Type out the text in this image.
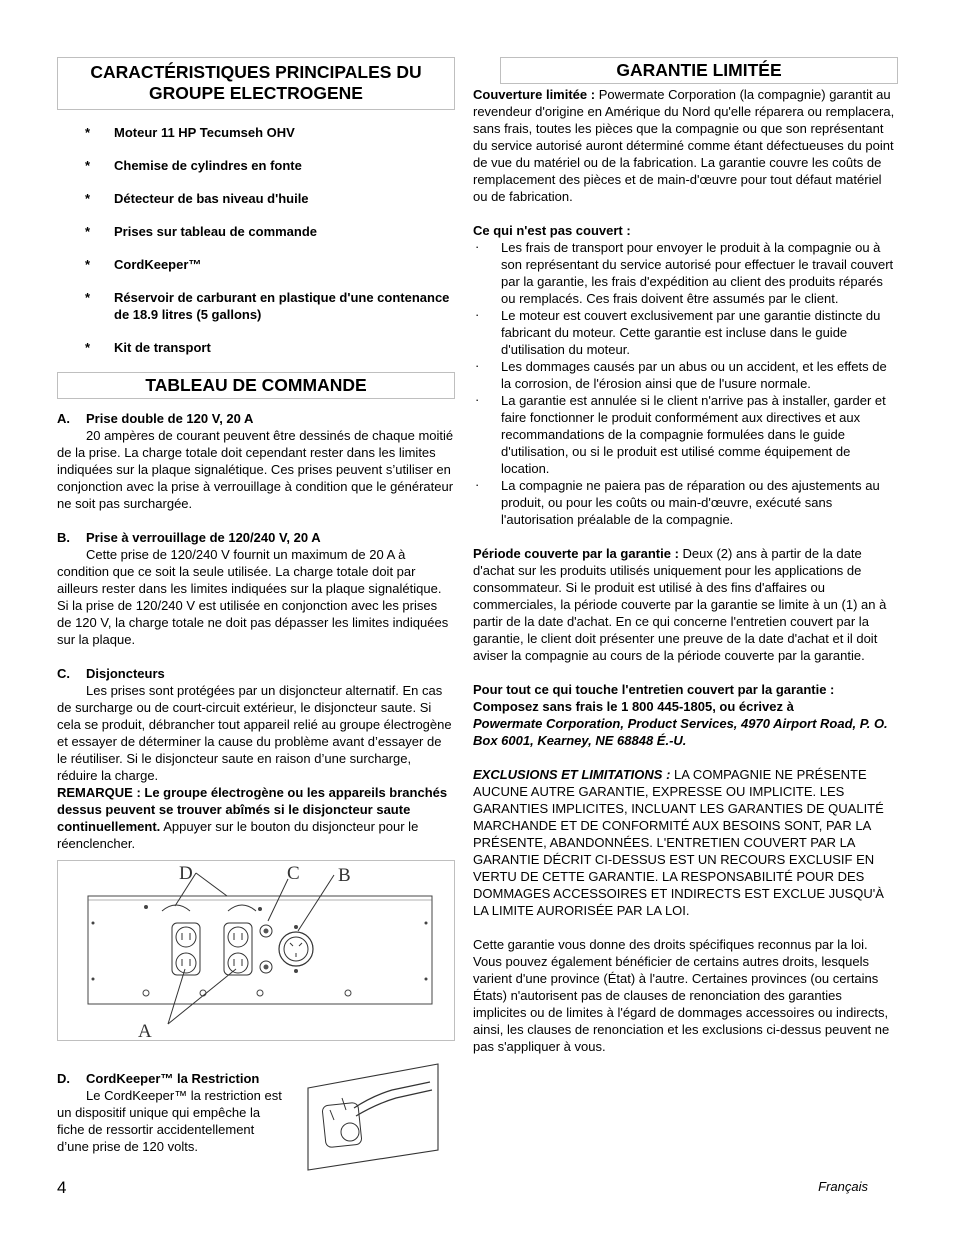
CARACTÉRISTIQUES PRINCIPALES DU
GROUPE ELECTROGENE
* Moteur 11 HP Tecumseh OHV
* Chemise de cylindres en fonte
* Détecteur de bas niveau d'huile
* Prises sur tableau de commande
* CordKeeper™
* Réservoir de carburant en plastique d'une contenance de 18.9 litres (5 gallons)
* Kit de transport
TABLEAU DE COMMANDE

A. Prise double de 120 V, 20 A

20 ampères de courant peuvent être dessinés de chaque moitié de la prise. La charge totale doit cependant rester dans les limites indiquées sur la plaque signalétique. Ces prises peuvent s’utiliser en conjonction avec la prise à verrouillage à condition que le générateur ne soit pas surchargée.

B. Prise à verrouillage de 120/240 V, 20 A

Cette prise de 120/240 V fournit un maximum de 20 A à condition que ce soit la seule utilisée. La charge totale doit par ailleurs rester dans les limites indiquées sur la plaque signalétique. Si la prise de 120/240 V est utilisée en conjonction avec les prises de 120 V, la charge totale ne doit pas dépasser les limites indiquées sur la plaque.

C. Disjoncteurs

Les prises sont protégées par un disjoncteur alternatif. En cas de surcharge ou de court-circuit extérieur, le disjoncteur saute. Si cela se produit, débrancher tout appareil relié au groupe électrogène et essayer de déterminer la cause du problème avant d’essayer de le réutiliser. Si le disjoncteur saute en raison d’une surcharge, réduire la charge.

REMARQUE : Le groupe électrogène ou les appareils branchés dessus peuvent se trouver abîmés si le disjoncteur saute continuellement. Appuyer sur le bouton du disjoncteur pour le réenclencher.

D	C B
A

D. CordKeeper™ la Restriction

Le CordKeeper™ la restriction est un dispositif unique qui empêche la fiche de ressortir accidentellement d’une prise de 120 volts.

GARANTIE LIMITÉE

Couverture limitée : Powermate Corporation (la compagnie) garantit au revendeur d'origine en Amérique du Nord qu'elle réparera ou remplacera, sans frais, toutes les pièces que la compagnie ou que son représentant du service autorisé auront déterminé comme étant défectueuses du point de vue du matériel ou de la fabrication. La garantie couvre les coûts de remplacement des pièces et de main-d'œuvre pour tout défaut matériel ou de fabrication.

Ce qui n'est pas couvert :

· Les frais de transport pour envoyer le produit à la compagnie ou à son représentant du service autorisé pour effectuer le travail couvert par la garantie, les frais d'expédition au client des produits réparés ou remplacés. Ces frais doivent être assumés par le client.
· Le moteur est couvert exclusivement par une garantie distincte du fabricant du moteur. Cette garantie est incluse dans le guide d'utilisation du moteur.
· Les dommages causés par un abus ou un accident, et les effets de la corrosion, de l'érosion ainsi que de l'usure normale.
· La garantie est annulée si le client n'arrive pas à installer, garder et faire fonctionner le produit conformément aux directives et aux recommandations de la compagnie formulées dans le guide d'utilisation, ou si le produit est utilisé comme équipement de location.
· La compagnie ne paiera pas de réparation ou des ajustements au produit, ou pour les coûts ou main-d'œuvre, exécuté sans l'autorisation préalable de la compagnie.

Période couverte par la garantie : Deux (2) ans à partir de la date d'achat sur les produits utilisés uniquement pour les applications de consommateur. Si le produit est utilisé à des fins d'affaires ou commerciales, la période couverte par la garantie se limite à un (1) an à partir de la date d'achat. En ce qui concerne l'entretien couvert par la garantie, le client doit présenter une preuve de la date d'achat et il doit aviser la compagnie au cours de la période couverte par la garantie.

Pour tout ce qui touche l'entretien couvert par la garantie :

Composez sans frais le 1 800 445-1805, ou écrivez à

Powermate Corporation, Product Services, 4970 Airport Road, P. O. Box 6001, Kearney, NE 68848 É.-U.

EXCLUSIONS ET LIMITATIONS : LA COMPAGNIE NE PRÉSENTE AUCUNE AUTRE GARANTIE, EXPRESSE OU IMPLICITE. LES GARANTIES IMPLICITES, INCLUANT LES GARANTIES DE QUALITÉ MARCHANDE ET DE CONFORMITÉ AUX BESOINS SONT, PAR LA PRÉSENTE, ABANDONNÉES. L'ENTRETIEN COUVERT PAR LA GARANTIE DÉCRIT CI-DESSUS EST UN RECOURS EXCLUSIF EN VERTU DE CETTE GARANTIE. LA RESPONSABILITÉ POUR DES DOMMAGES ACCESSOIRES ET INDIRECTS EST EXCLUE JUSQU'À LA LIMITE AURORISÉE PAR LA LOI.

Cette garantie vous donne des droits spécifiques reconnus par la loi. Vous pouvez également bénéficier de certains autres droits, lesquels varient d'une province (État) à l'autre. Certaines provinces (ou certains États) n'autorisent pas de clauses de renonciation des garanties implicites ou de limites à l'égard de dommages accessoires ou indirects, ainsi, les clauses de renonciation et les exclusions ci-dessus peuvent ne pas s'appliquer à vous.

4	Français
